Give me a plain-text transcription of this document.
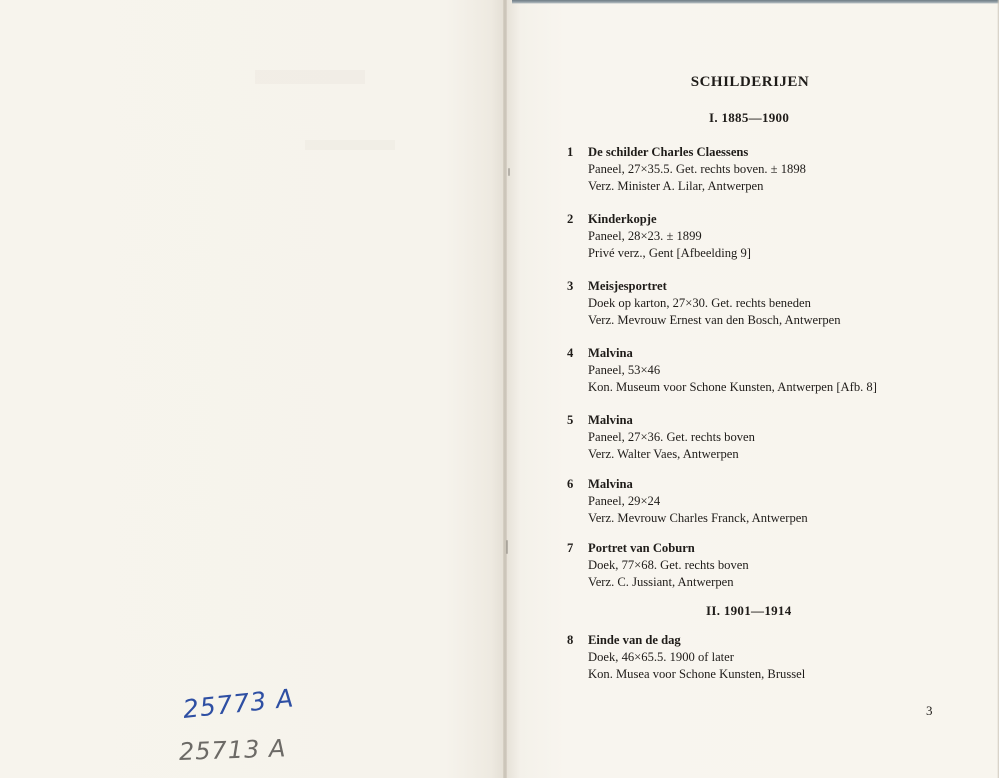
25773 A
25713 A
SCHILDERIJEN
I. 1885—1900
1	De schilder Charles Claessens
Paneel, 27×35.5. Get. rechts boven. ± 1898
Verz. Minister A. Lilar, Antwerpen
2	Kinderkopje
Paneel, 28×23. ± 1899
Privé verz., Gent [Afbeelding 9]
3	Meisjesportret
Doek op karton, 27×30. Get. rechts beneden
Verz. Mevrouw Ernest van den Bosch, Antwerpen
4	Malvina
Paneel, 53×46
Kon. Museum voor Schone Kunsten, Antwerpen [Afb. 8]
5	Malvina
Paneel, 27×36. Get. rechts boven
Verz. Walter Vaes, Antwerpen
6	Malvina
Paneel, 29×24
Verz. Mevrouw Charles Franck, Antwerpen
7	Portret van Coburn
Doek, 77×68. Get. rechts boven
Verz. C. Jussiant, Antwerpen
II. 1901—1914
8	Einde van de dag
Doek, 46×65.5. 1900 of later
Kon. Musea voor Schone Kunsten, Brussel
3
